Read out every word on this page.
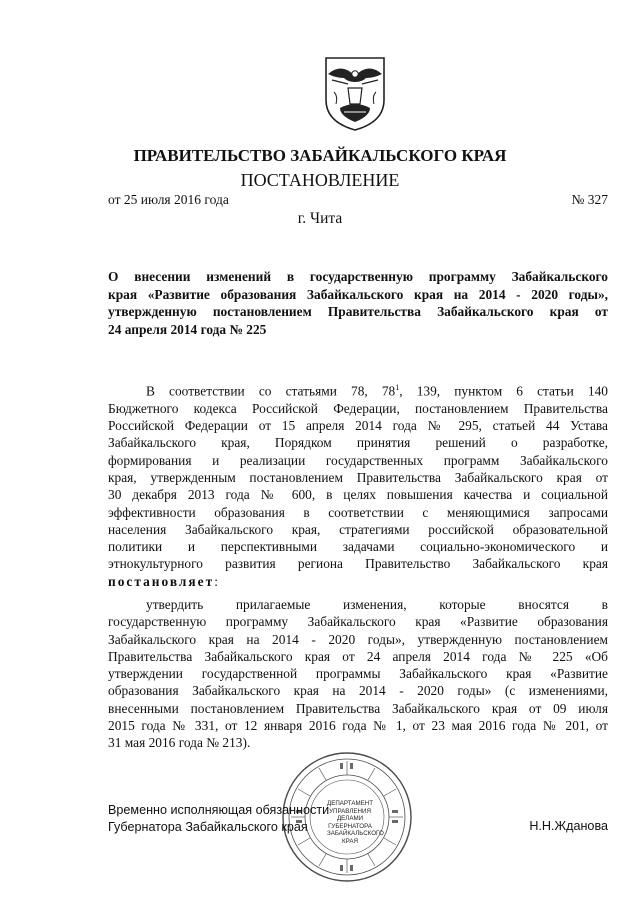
ПРАВИТЕЛЬСТВО ЗАБАЙКАЛЬСКОГО КРАЯ
ПОСТАНОВЛЕНИЕ
от 25 июля 2016 года	№ 327
г. Чита
О внесении изменений в государственную программу Забайкальского
края «Развитие образования Забайкальского края на 2014 - 2020 годы»,
утвержденную постановлением Правительства Забайкальского края от
24 апреля 2014 года № 225
В соответствии со статьями 78, $78^1$, 139, пунктом 6 статьи 140
Бюджетного кодекса Российской Федерации, постановлением Правительства
Российской Федерации от 15 апреля 2014 года № 295, статьей 44 Устава
Забайкальского края, Порядком принятия решений о разработке,
формирования и реализации государственных программ Забайкальского
края, утвержденным постановлением Правительства Забайкальского края от
30 декабря 2013 года № 600, в целях повышения качества и социальной
эффективности образования в соответствии с меняющимися запросами
населения Забайкальского края, стратегиями российской образовательной
политики и перспективными задачами социально-экономического и
этнокультурного развития региона Правительство Забайкальского края
постановляет:
утвердить прилагаемые изменения, которые вносятся в
государственную программу Забайкальского края «Развитие образования
Забайкальского края на 2014 - 2020 годы», утвержденную постановлением
Правительства Забайкальского края от 24 апреля 2014 года № 225 «Об
утверждении государственной программы Забайкальского края «Развитие
образования Забайкальского края на 2014 - 2020 годы» (с изменениями,
внесенными постановлением Правительства Забайкальского края от 09 июля
2015 года № 331, от 12 января 2016 года № 1, от 23 мая 2016 года № 201, от
31 мая 2016 года № 213).
ДЕПАРТАМЕНТ
УПРАВЛЕНИЯ
ДЕЛАМИ
ГУБЕРНАТОРА
ЗАБАЙКАЛЬСКОГО
КРАЯ
Временно исполняющая обязанности
Губернатора Забайкальского края	Н.Н.Жданова
